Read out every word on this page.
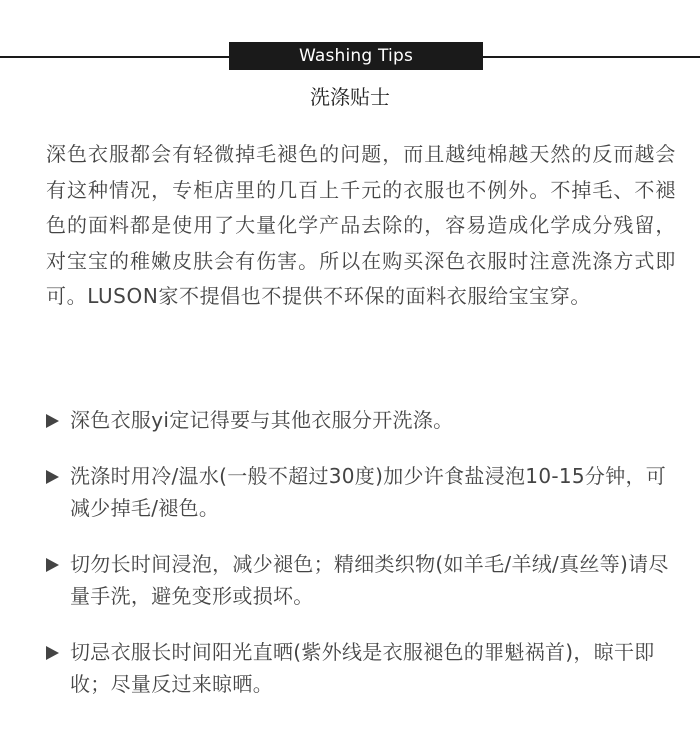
Washing Tips
洗涤贴士
深色衣服都会有轻微掉毛褪色的问题，而且越纯棉越天然的反而越会有这种情况，专柜店里的几百上千元的衣服也不例外。不掉毛、不褪色的面料都是使用了大量化学产品去除的，容易造成化学成分残留，对宝宝的稚嫩皮肤会有伤害。所以在购买深色衣服时注意洗涤方式即可。LUSON家不提倡也不提供不环保的面料衣服给宝宝穿。
深色衣服yi定记得要与其他衣服分开洗涤。
洗涤时用冷/温水(一般不超过30度)加少许食盐浸泡10-15分钟，可减少掉毛/褪色。
切勿长时间浸泡，减少褪色；精细类织物(如羊毛/羊绒/真丝等)请尽量手洗，避免变形或损坏。
切忌衣服长时间阳光直晒(紫外线是衣服褪色的罪魁祸首)，晾干即收；尽量反过来晾晒。
